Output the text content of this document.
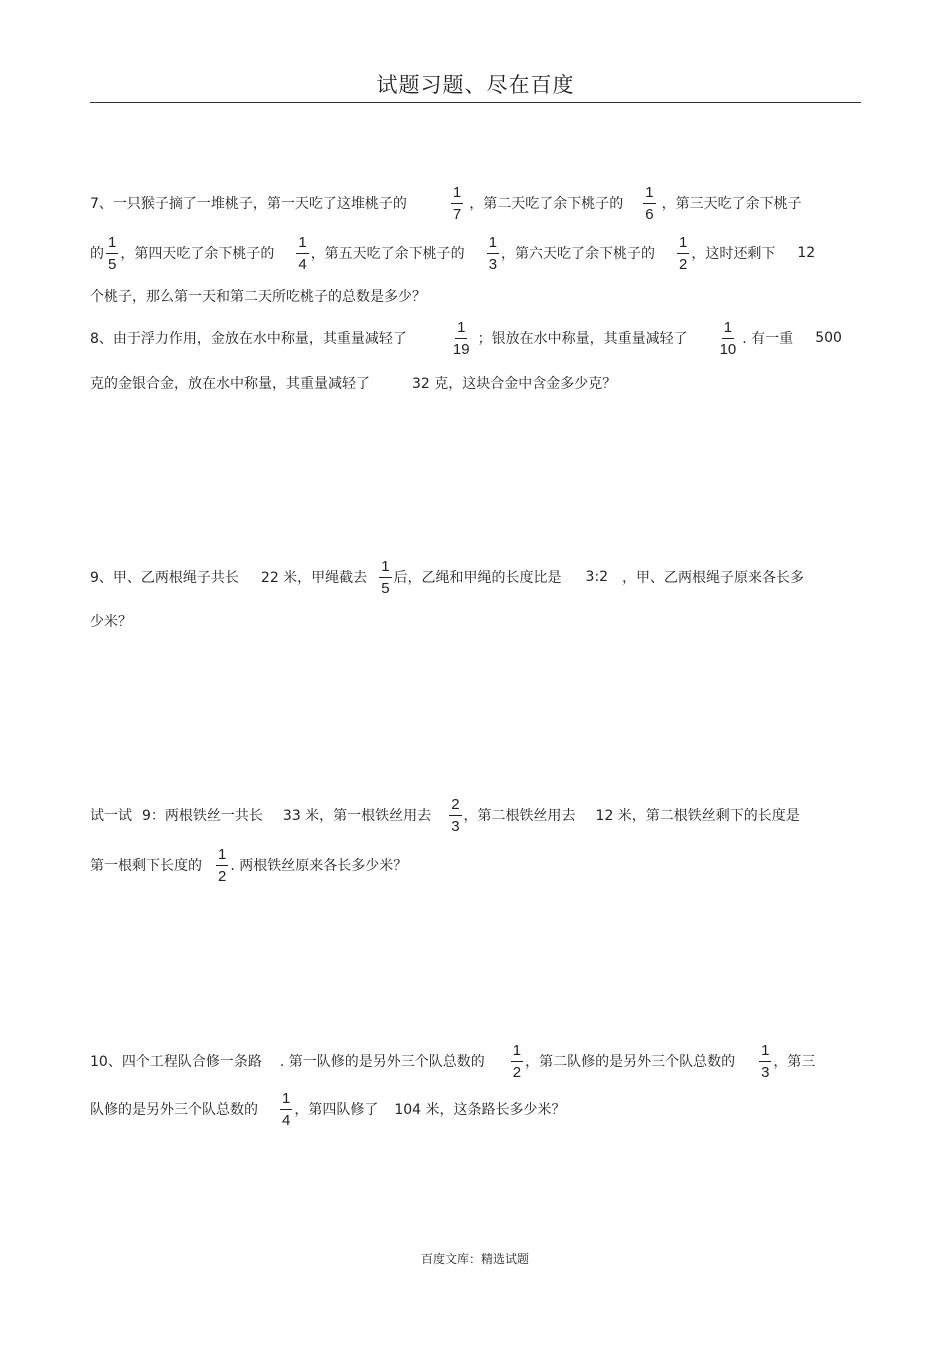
试题习题、尽在百度
7、一只猴子摘了一堆桃子，第一天吃了这堆桃子的	$\frac{1}{7}$ ，第二天吃了余下桃子的 $\frac{1}{6}$ ，第三天吃了余下桃子
的 $\frac{1}{5}$ ，第四天吃了余下桃子的 $\frac{1}{4}$ ，第五天吃了余下桃子的 $\frac{1}{3}$ ，第六天吃了余下桃子的 $\frac{1}{2}$ ，这时还剩下 12
个桃子，那么第一天和第二天所吃桃子的总数是多少？
8、由于浮力作用，金放在水中称量，其重量减轻了	$\frac{1}{19}$ ；银放在水中称量，其重量减轻了 $\frac{1}{10}$ . 有一重 500
克的金银合金，放在水中称量，其重量减轻了	32 克，这块合金中含金多少克？
9、甲、乙两根绳子共长 22 米，甲绳截去 $\frac{1}{5}$ 后，乙绳和甲绳的长度比是 3:2 ，甲、乙两根绳子原来各长多
少米？
试一试 9：两根铁丝一共长 33 米，第一根铁丝用去 $\frac{2}{3}$ ，第二根铁丝用去 12 米，第二根铁丝剩下的长度是
第一根剩下长度的 $\frac{1}{2}$ . 两根铁丝原来各长多少米？
10、四个工程队合修一条路 . 第一队修的是另外三个队总数的 $\frac{1}{2}$ ，第二队修的是另外三个队总数的 $\frac{1}{3}$ ，第三
队修的是另外三个队总数的 $\frac{1}{4}$ ，第四队修了 104 米，这条路长多少米？
百度文库：精选试题
